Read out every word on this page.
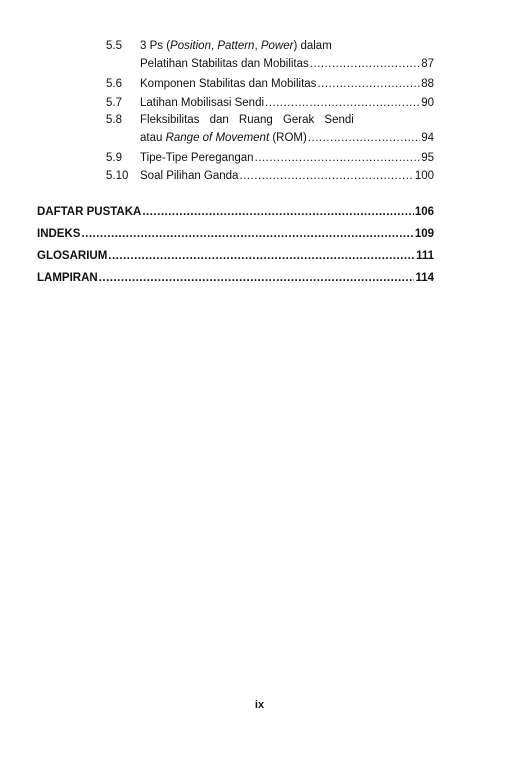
5.5 3 Ps ( Position , Pattern , Power ) dalam
Pelatihan Stabilitas dan Mobilitas .....	87
5.6 Komponen Stabilitas dan Mobilitas .....	88
5.7 Latihan Mobilisasi Sendi .....	90
5.8 Fleksibilitas dan Ruang Gerak Sendi
atau Range of Movement (ROM) .....	94
5.9 Tipe-Tipe Peregangan .....	95
5.10 Soal Pilihan Ganda .....	100
DAFTAR PUSTAKA .....	106
INDEKS .....	109
GLOSARIUM .....	111
LAMPIRAN .....	114
ix
